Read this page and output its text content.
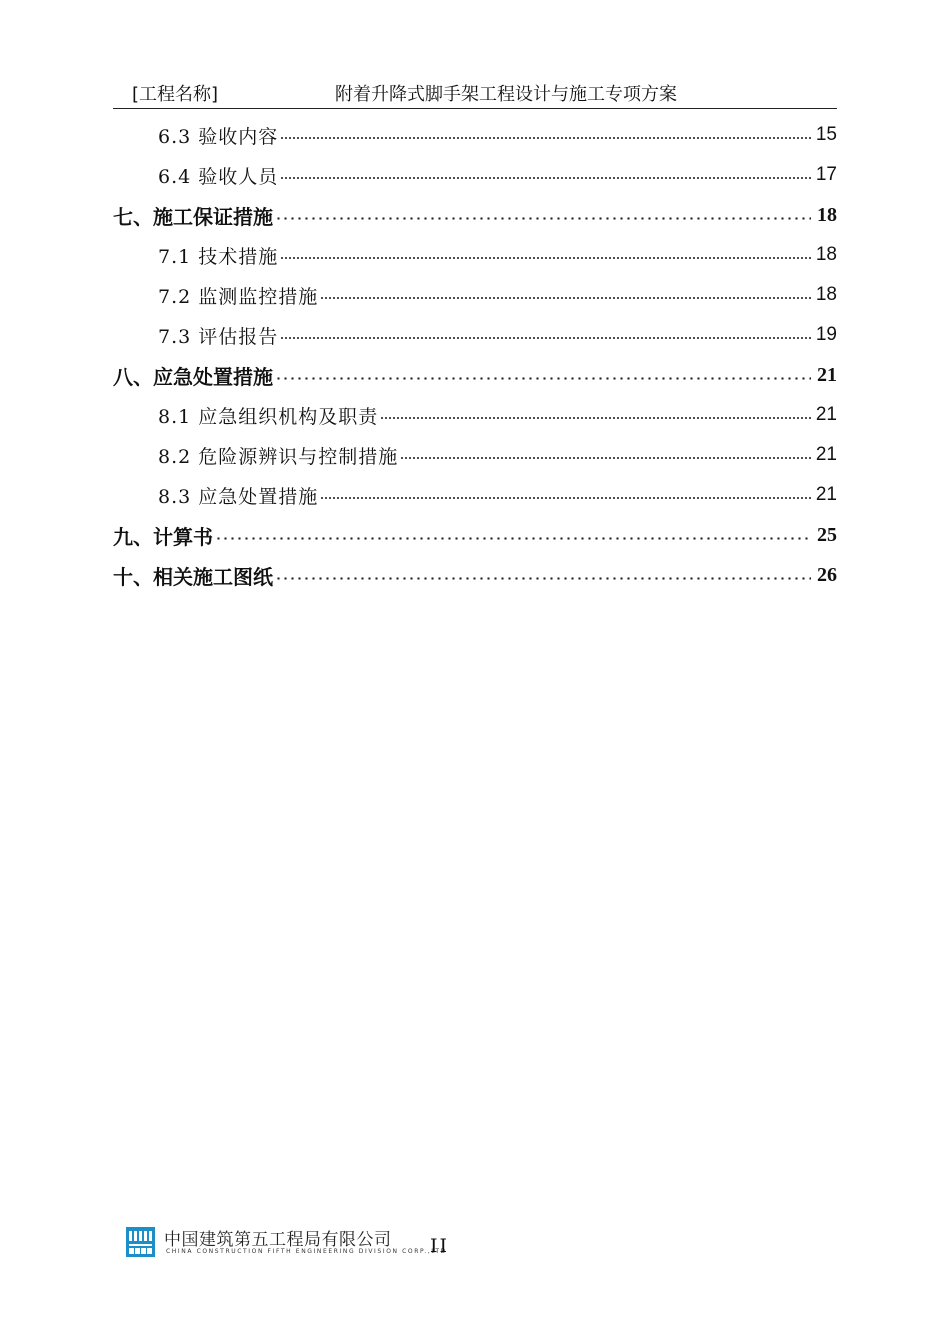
[工程名称]	附着升降式脚手架工程设计与施工专项方案
6.3 验收内容	15
6.4 验收人员	17
七、施工保证措施	18
7.1 技术措施	18
7.2 监测监控措施	18
7.3 评估报告	19
八、应急处置措施	21
8.1 应急组织机构及职责	21
8.2 危险源辨识与控制措施	21
8.3 应急处置措施	21
九、计算书	25
十、相关施工图纸	26
中国建筑第五工程局有限公司
CHINA CONSTRUCTION FIFTH ENGINEERING DIVISION CORP.,LTD
II
